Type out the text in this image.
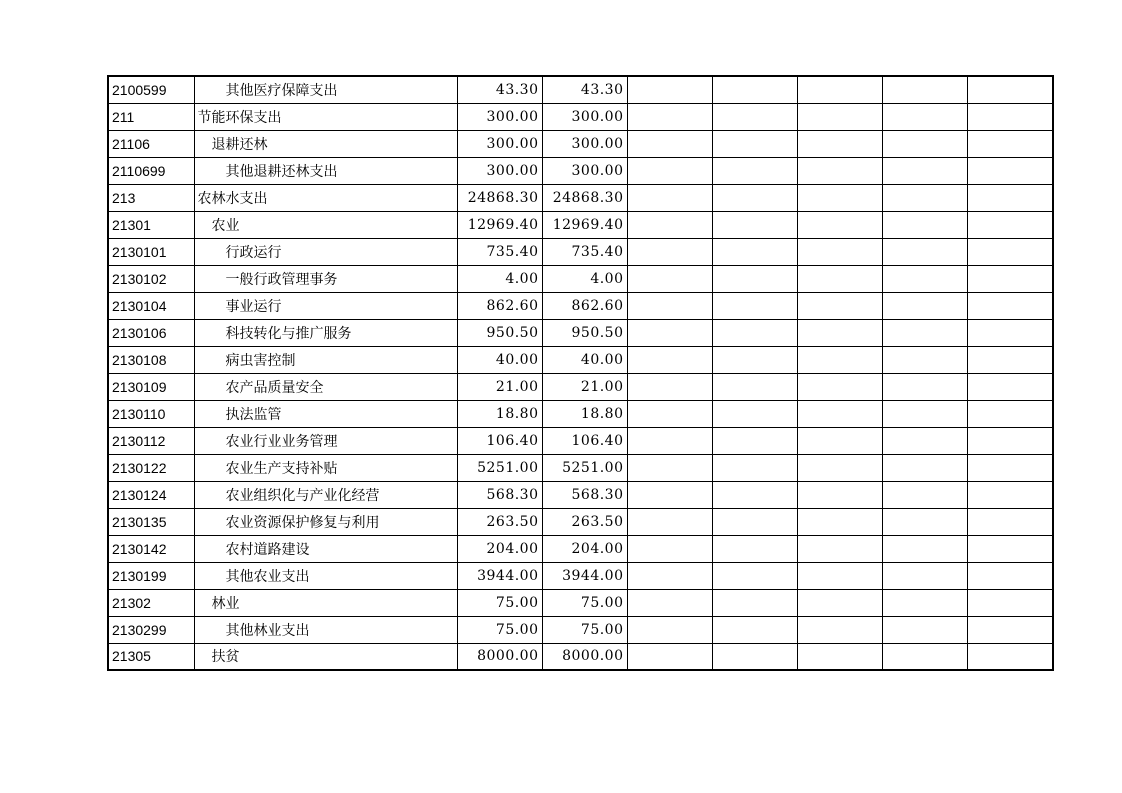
2100599	其他医疗保障支出	43.30	43.30					
211	节能环保支出	300.00	300.00					
21106	退耕还林	300.00	300.00					
2110699	其他退耕还林支出	300.00	300.00					
213	农林水支出	24868.30	24868.30					
21301	农业	12969.40	12969.40					
2130101	行政运行	735.40	735.40					
2130102	一般行政管理事务	4.00	4.00					
2130104	事业运行	862.60	862.60					
2130106	科技转化与推广服务	950.50	950.50					
2130108	病虫害控制	40.00	40.00					
2130109	农产品质量安全	21.00	21.00					
2130110	执法监管	18.80	18.80					
2130112	农业行业业务管理	106.40	106.40					
2130122	农业生产支持补贴	5251.00	5251.00					
2130124	农业组织化与产业化经营	568.30	568.30					
2130135	农业资源保护修复与利用	263.50	263.50					
2130142	农村道路建设	204.00	204.00					
2130199	其他农业支出	3944.00	3944.00					
21302	林业	75.00	75.00					
2130299	其他林业支出	75.00	75.00					
21305	扶贫	8000.00	8000.00					
